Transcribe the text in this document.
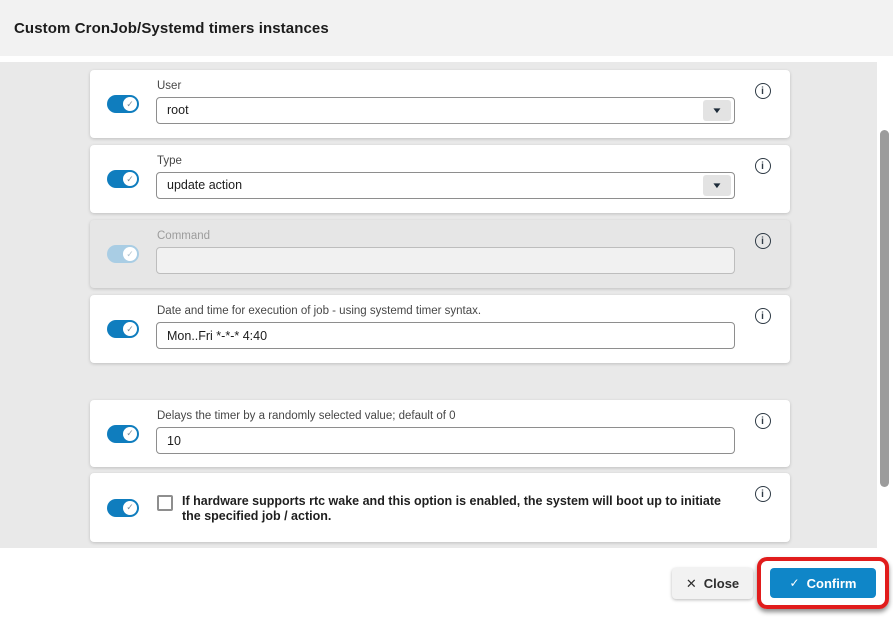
Custom CronJob/Systemd timers instances
✓
User
root	▼
i
✓
Type
update action	▼
i
✓
Command	i
✓
Date and time for execution of job - using systemd timer syntax.
Mon..Fri *-*-* 4:40	i
✓
Delays the timer by a randomly selected value; default of 0
10	i
✓	If hardware supports rtc wake and this option is enabled, the system will boot up to initiate the specified job / action.
i
✕ Close	✓ Confirm
